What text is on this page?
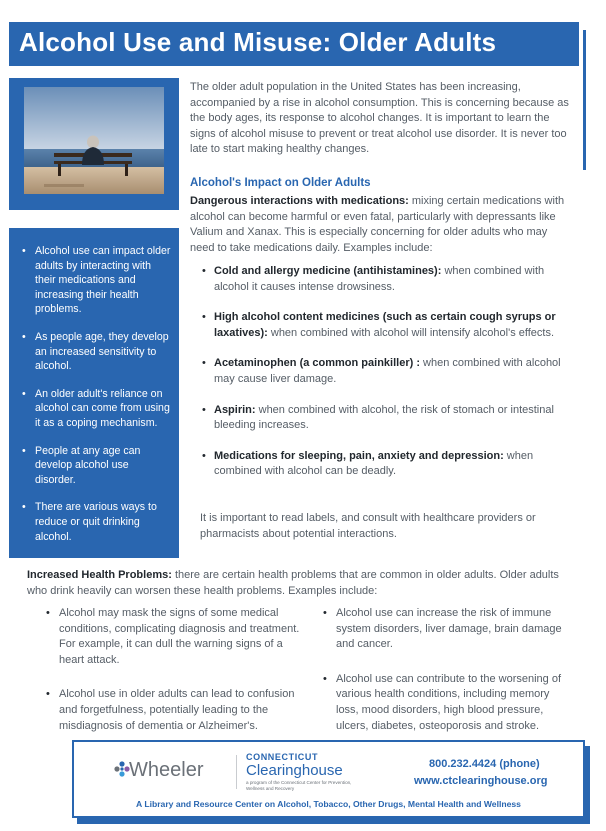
Alcohol Use and Misuse: Older Adults
• Alcohol use can impact older adults by interacting with their medications and increasing their health problems.
• As people age, they develop an increased sensitivity to alcohol.
• An older adult's reliance on alcohol can come from using it as a coping mechanism.
• People at any age can develop alcohol use disorder.
• There are various ways to reduce or quit drinking alcohol.
The older adult population in the United States has been increasing, accompanied by a rise in alcohol consumption. This is concerning because as the body ages, its response to alcohol changes. It is important to learn the signs of alcohol misuse to prevent or treat alcohol use disorder. It is never too late to start making healthy changes.
Alcohol's Impact on Older Adults
Dangerous interactions with medications: mixing certain medications with alcohol can become harmful or even fatal, particularly with depressants like Valium and Xanax. This is especially concerning for older adults who may need to take medications daily. Examples include:
• Cold and allergy medicine (antihistamines): when combined with alcohol it causes intense drowsiness.
• High alcohol content medicines (such as certain cough syrups or laxatives): when combined with alcohol will intensify alcohol's effects.
• Acetaminophen (a common painkiller) : when combined with alcohol may cause liver damage.
• Aspirin: when combined with alcohol, the risk of stomach or intestinal bleeding increases.
• Medications for sleeping, pain, anxiety and depression: when combined with alcohol can be deadly.
It is important to read labels, and consult with healthcare providers or pharmacists about potential interactions.
Increased Health Problems: there are certain health problems that are common in older adults. Older adults who drink heavily can worsen these health problems. Examples include:
• Alcohol may mask the signs of some medical conditions, complicating diagnosis and treatment. For example, it can dull the warning signs of a heart attack.
• Alcohol use in older adults can lead to confusion and forgetfulness, potentially leading to the misdiagnosis of dementia or Alzheimer's.
• Alcohol use can increase the risk of immune system disorders, liver damage, brain damage and cancer.
• Alcohol use can contribute to the worsening of various health conditions, including memory loss, mood disorders, high blood pressure, ulcers, diabetes, osteoporosis and stroke.
Wheeler
CONNECTICUT
Clearinghouse
a program of the Connecticut Center for Prevention, Wellness and Recovery
800.232.4424 (phone)
www.ctclearinghouse.org
A Library and Resource Center on Alcohol, Tobacco, Other Drugs, Mental Health and Wellness
